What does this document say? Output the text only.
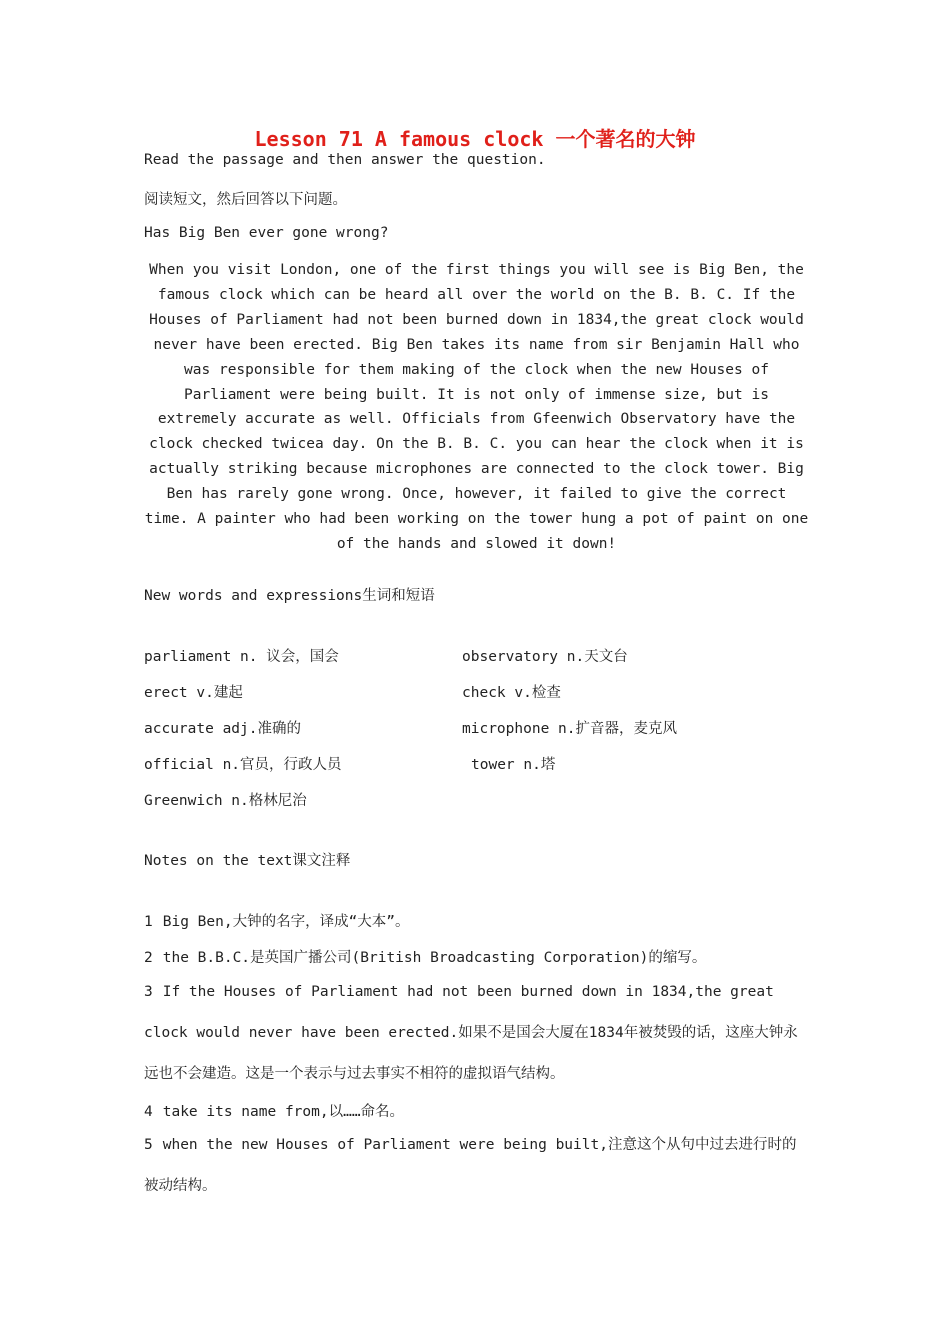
Lesson 71 A famous clock 一个著名的大钟
Read the passage and then answer the question.
阅读短文，然后回答以下问题。
Has Big Ben ever gone wrong?

When you visit London, one of the first things you will see is Big Ben, the famous clock which can be heard all over the world on the B. B. C. If the Houses of Parliament had not been burned down in 1834,the great clock would never have been erected. Big Ben takes its name from sir Benjamin Hall who was responsible for them making of the clock when the new Houses of Parliament were being built. It is not only of immense size, but is extremely accurate as well. Officials from Gfeenwich Observatory have the clock checked twicea day. On the B. B. C. you can hear the clock when it is actually striking because microphones are connected to the clock tower. Big Ben has rarely gone wrong. Once, however, it failed to give the correct time. A painter who had been working on the tower hung a pot of paint on one of the hands and slowed it down!

New words and expressions生词和短语
parliament n. 议会，国会	observatory n.天文台
erect v.建起	check v.检查
accurate adj.准确的	microphone n.扩音器，麦克风
official n.官员，行政人员	tower n.塔
Greenwich n.格林尼治
Notes on the text课文注释
1 Big Ben,大钟的名字，译成“大本”。
2 the B.B.C.是英国广播公司(British Broadcasting Corporation)的缩写。
3 If the Houses of Parliament had not been burned down in 1834,the great clock would never have been erected.如果不是国会大厦在1834年被焚毁的话，这座大钟永远也不会建造。这是一个表示与过去事实不相符的虚拟语气结构。
4 take its name from,以……命名。
5 when the new Houses of Parliament were being built,注意这个从句中过去进行时的被动结构。
